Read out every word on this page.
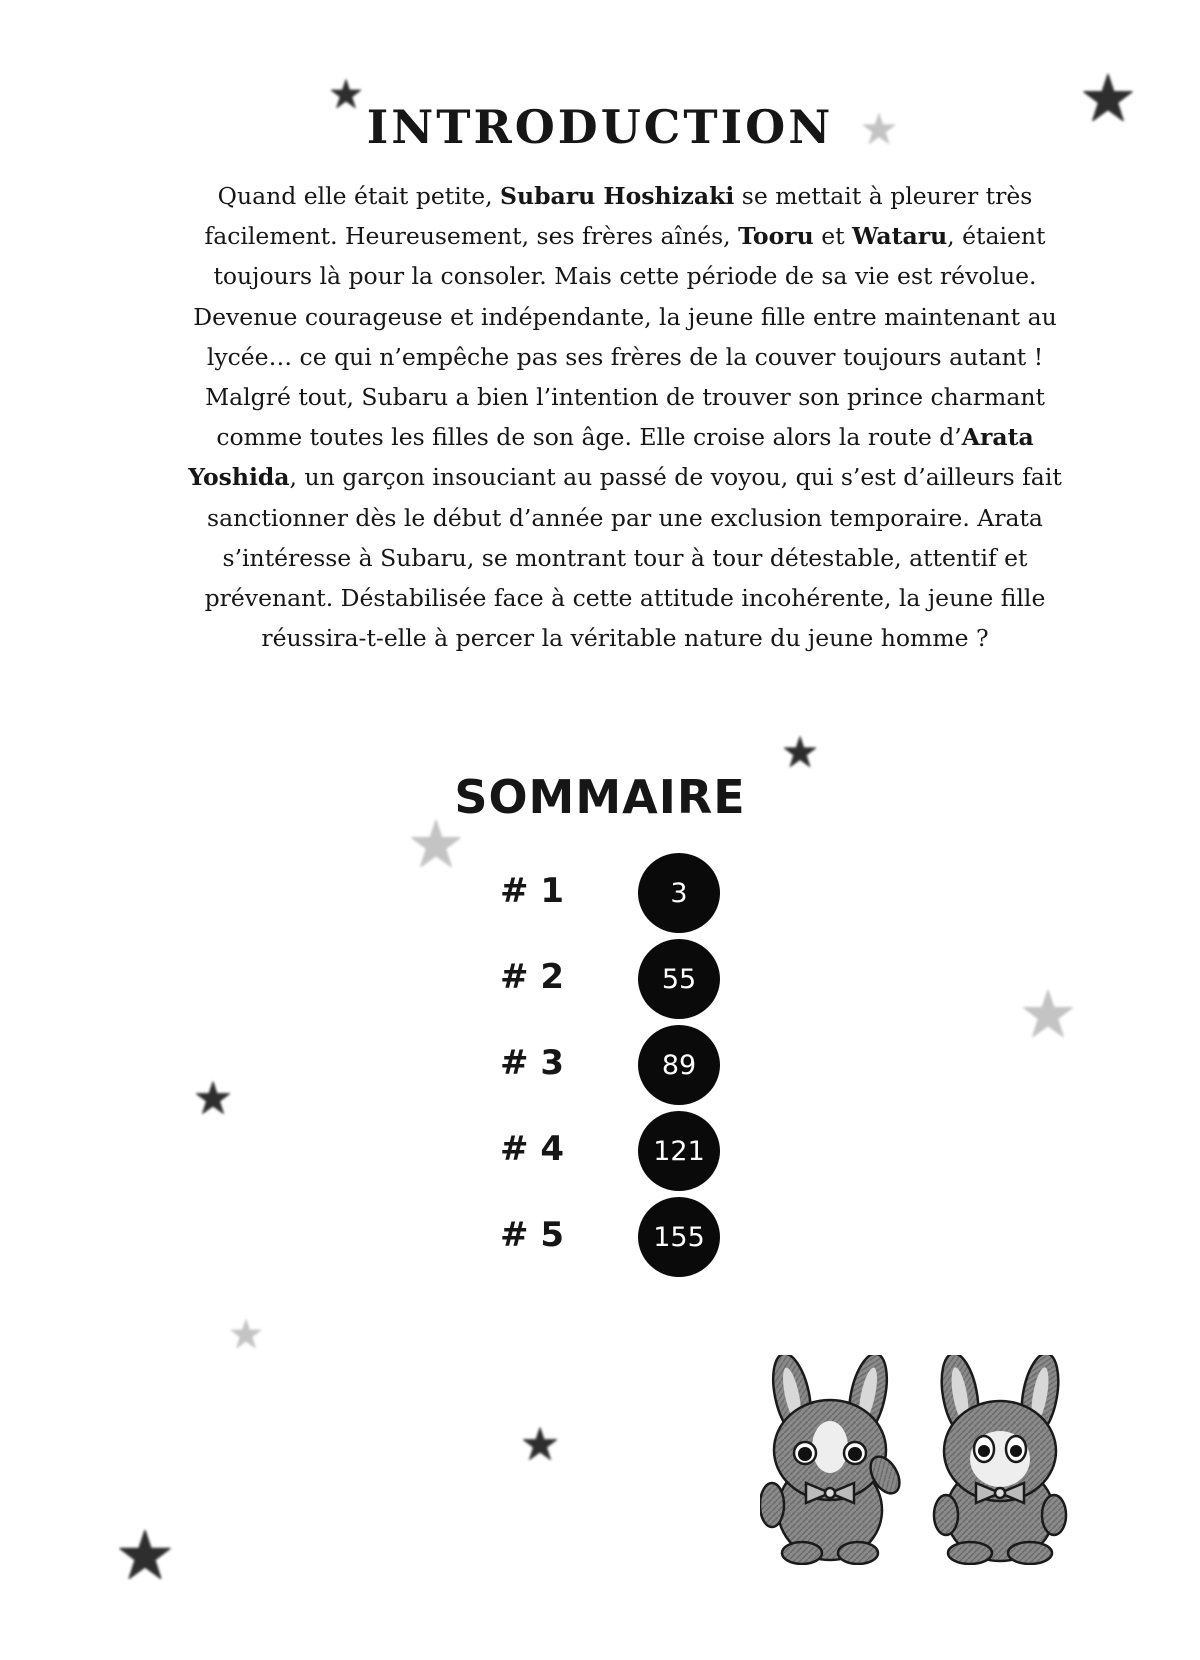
INTRODUCTION

Quand elle était petite, Subaru Hoshizaki se mettait à pleurer très facilement. Heureusement, ses frères aînés, Tooru et Wataru, étaient toujours là pour la consoler. Mais cette période de sa vie est révolue. Devenue courageuse et indépendante, la jeune fille entre maintenant au lycée… ce qui n’empêche pas ses frères de la couver toujours autant ! Malgré tout, Subaru a bien l’intention de trouver son prince charmant comme toutes les filles de son âge. Elle croise alors la route d’Arata Yoshida, un garçon insouciant au passé de voyou, qui s’est d’ailleurs fait sanctionner dès le début d’année par une exclusion temporaire. Arata s’intéresse à Subaru, se montrant tour à tour détestable, attentif et prévenant. Déstabilisée face à cette attitude incohérente, la jeune fille réussira-t-elle à percer la véritable nature du jeune homme ?

SOMMAIRE
# 1	3
# 2	55
# 3	89
# 4	121
# 5	155
